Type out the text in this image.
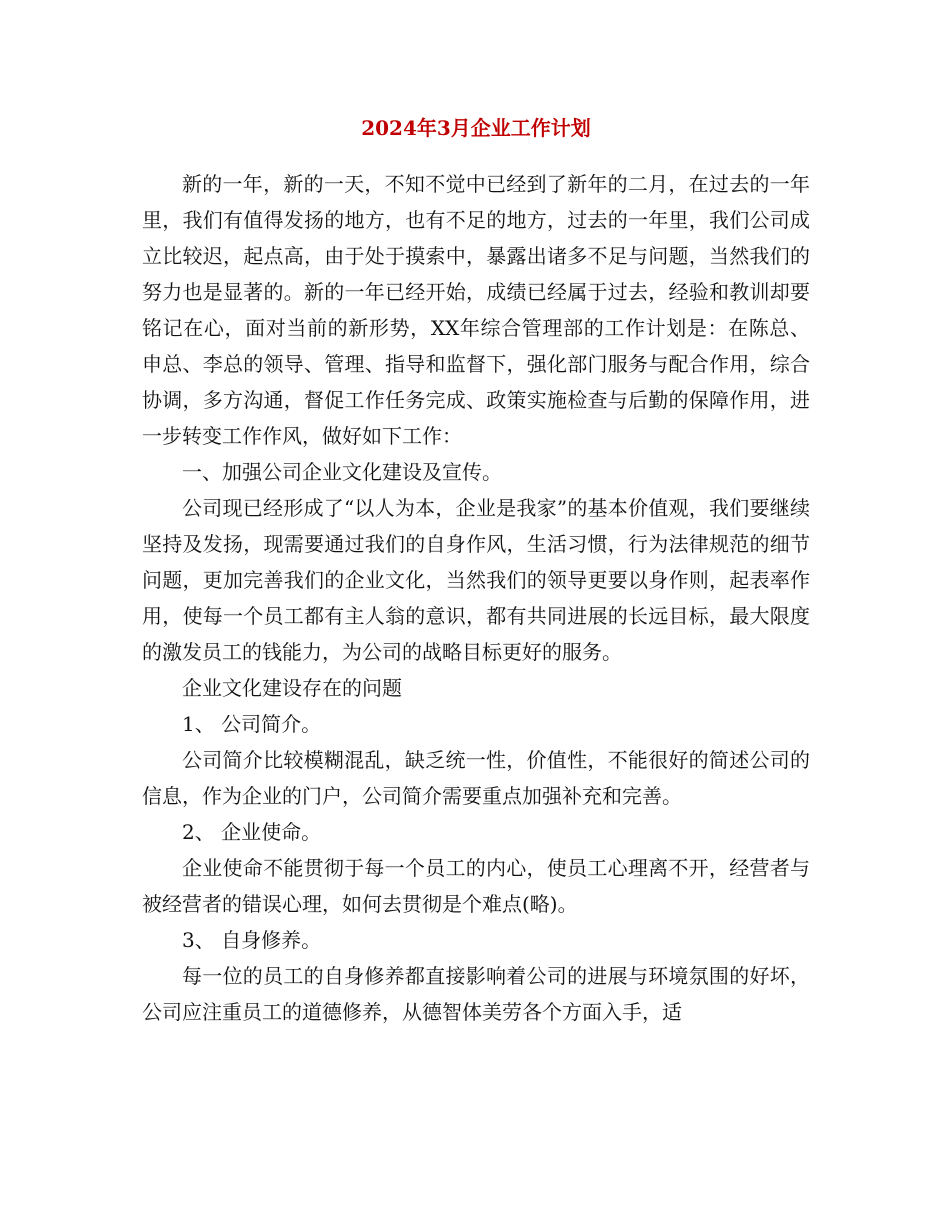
2024年3月企业工作计划

新的一年，新的一天，不知不觉中已经到了新年的二月，在过去的一年里，我们有值得发扬的地方，也有不足的地方，过去的一年里，我们公司成立比较迟，起点高，由于处于摸索中，暴露出诸多不足与问题，当然我们的努力也是显著的。新的一年已经开始，成绩已经属于过去，经验和教训却要铭记在心，面对当前的新形势，XX年综合管理部的工作计划是：在陈总、申总、李总的领导、管理、指导和监督下，强化部门服务与配合作用，综合协调，多方沟通，督促工作任务完成、政策实施检查与后勤的保障作用，进一步转变工作作风，做好如下工作：

一、加强公司企业文化建设及宣传。

公司现已经形成了“以人为本，企业是我家”的基本价值观，我们要继续坚持及发扬，现需要通过我们的自身作风，生活习惯，行为法律规范的细节问题，更加完善我们的企业文化，当然我们的领导更要以身作则，起表率作用，使每一个员工都有主人翁的意识，都有共同进展的长远目标，最大限度的激发员工的钱能力，为公司的战略目标更好的服务。

企业文化建设存在的问题

1、 公司简介。

公司简介比较模糊混乱，缺乏统一性，价值性，不能很好的简述公司的信息，作为企业的门户，公司简介需要重点加强补充和完善。

2、 企业使命。

企业使命不能贯彻于每一个员工的内心，使员工心理离不开，经营者与被经营者的错误心理，如何去贯彻是个难点(略)。

3、 自身修养。

每一位的员工的自身修养都直接影响着公司的进展与环境氛围的好坏，公司应注重员工的道德修养，从德智体美劳各个方面入手，适
